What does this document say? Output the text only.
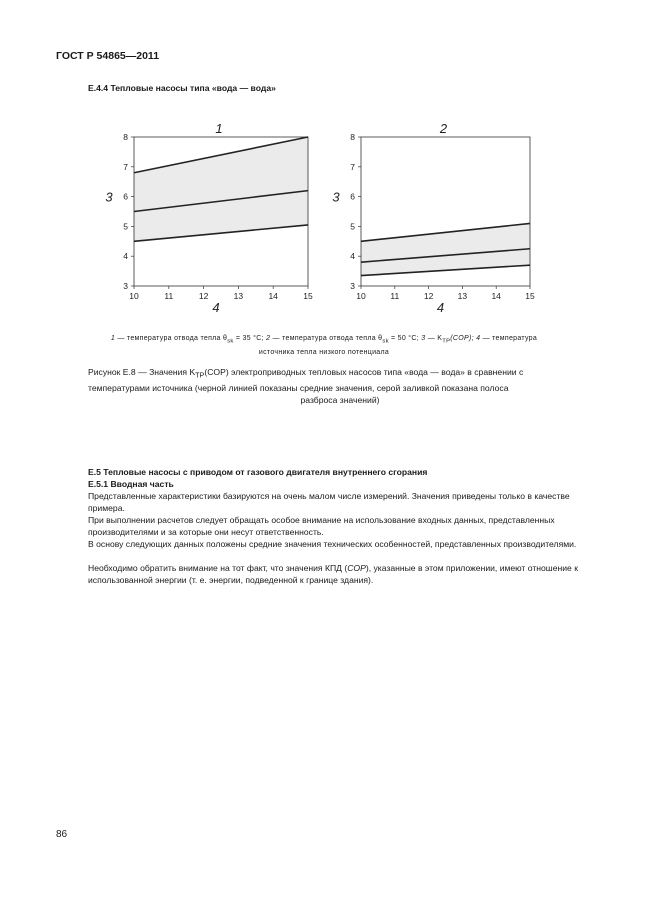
ГОСТ Р 54865—2011
Е.4.4 Тепловые насосы типа «вода — вода»
10	11	12	13	14	15
3
4
5
6
7
8
1
3
4
10	11	12	13	14	15
3
4
5
6
7
8
2
3
4
1 — температура отвода тепла $\theta_{sk} = 35$ °C; 2 — температура отвода тепла $\theta_{sk} = 50$ °C; 3 — $K_{TP}(COP)$; 4 — температура
источника тепла низкого потенциала
Рисунок Е.8 — Значения $K_{TP}(COP)$ электроприводных тепловых насосов типа «вода — вода» в сравнении с
температурами источника (черной линией показаны средние значения, серой заливкой показана полоса
разброса значений)
Е.5 Тепловые насосы с приводом от газового двигателя внутреннего сгорания
Е.5.1 Вводная часть
Представленные характеристики базируются на очень малом числе измерений. Значения приведены только в качестве примера.
При выполнении расчетов следует обращать особое внимание на использование входных данных, представленных производителями и за которые они несут ответственность.
В основу следующих данных положены средние значения технических особенностей, представленных производителями.
Необходимо обратить внимание на тот факт, что значения КПД (COP), указанные в этом приложении, имеют отношение к использованной энергии (т. е. энергии, подведенной к границе здания).
86
